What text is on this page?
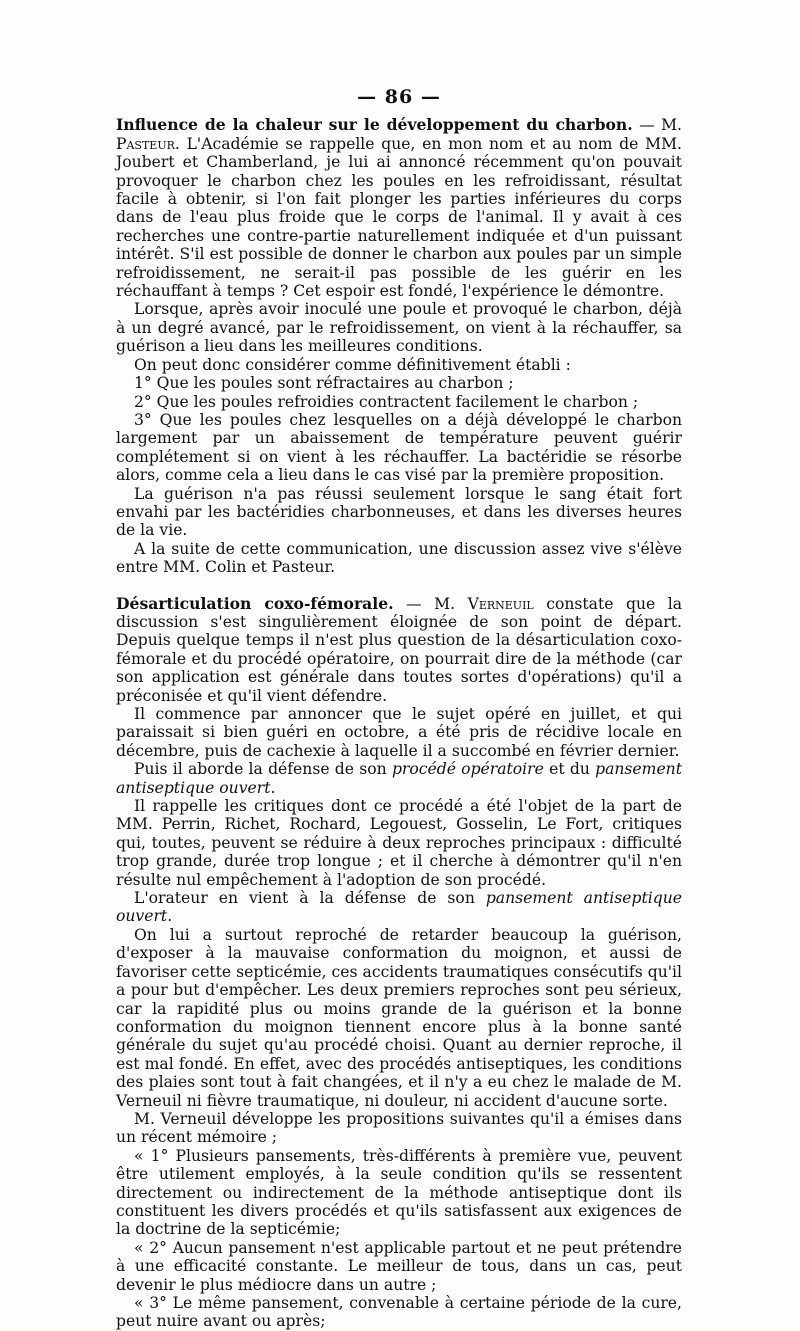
— 86 —

Influence de la chaleur sur le développement du charbon. — M. Pasteur. L'Académie se rappelle que, en mon nom et au nom de MM. Joubert et Chamberland, je lui ai annoncé récemment qu'on pouvait provoquer le charbon chez les poules en les refroidissant, résultat facile à obtenir, si l'on fait plonger les parties inférieures du corps dans de l'eau plus froide que le corps de l'animal. Il y avait à ces recherches une contre-partie naturellement indiquée et d'un puissant intérêt. S'il est possible de donner le charbon aux poules par un simple refroidissement, ne serait-il pas possible de les guérir en les réchauffant à temps ? Cet espoir est fondé, l'expérience le démontre.

Lorsque, après avoir inoculé une poule et provoqué le charbon, déjà à un degré avancé, par le refroidissement, on vient à la réchauffer, sa guérison a lieu dans les meilleures conditions.

On peut donc considérer comme définitivement établi :

1° Que les poules sont réfractaires au charbon ;

2° Que les poules refroidies contractent facilement le charbon ;

3° Que les poules chez lesquelles on a déjà développé le charbon largement par un abaissement de température peuvent guérir complétement si on vient à les réchauffer. La bactéridie se résorbe alors, comme cela a lieu dans le cas visé par la première proposition.

La guérison n'a pas réussi seulement lorsque le sang était fort envahi par les bactéridies charbonneuses, et dans les diverses heures de la vie.

A la suite de cette communication, une discussion assez vive s'élève entre MM. Colin et Pasteur.

Désarticulation coxo-fémorale. — M. Verneuil constate que la discussion s'est singulièrement éloignée de son point de départ. Depuis quelque temps il n'est plus question de la désarticulation coxo-fémorale et du procédé opératoire, on pourrait dire de la méthode (car son application est générale dans toutes sortes d'opérations) qu'il a préconisée et qu'il vient défendre.

Il commence par annoncer que le sujet opéré en juillet, et qui paraissait si bien guéri en octobre, a été pris de récidive locale en décembre, puis de cachexie à laquelle il a succombé en février dernier.

Puis il aborde la défense de son procédé opératoire et du pansement antiseptique ouvert.

Il rappelle les critiques dont ce procédé a été l'objet de la part de MM. Perrin, Richet, Rochard, Legouest, Gosselin, Le Fort, critiques qui, toutes, peuvent se réduire à deux reproches principaux : difficulté trop grande, durée trop longue ; et il cherche à démontrer qu'il n'en résulte nul empêchement à l'adoption de son procédé.

L'orateur en vient à la défense de son pansement antiseptique ouvert.

On lui a surtout reproché de retarder beaucoup la guérison, d'exposer à la mauvaise conformation du moignon, et aussi de favoriser cette septicémie, ces accidents traumatiques consécutifs qu'il a pour but d'empêcher. Les deux premiers reproches sont peu sérieux, car la rapidité plus ou moins grande de la guérison et la bonne conformation du moignon tiennent encore plus à la bonne santé générale du sujet qu'au procédé choisi. Quant au dernier reproche, il est mal fondé. En effet, avec des procédés antiseptiques, les conditions des plaies sont tout à fait changées, et il n'y a eu chez le malade de M. Verneuil ni fièvre traumatique, ni douleur, ni accident d'aucune sorte.

M. Verneuil développe les propositions suivantes qu'il a émises dans un récent mémoire ;

« 1° Plusieurs pansements, très-différents à première vue, peuvent être utilement employés, à la seule condition qu'ils se ressentent directement ou indirectement de la méthode antiseptique dont ils constituent les divers procédés et qu'ils satisfassent aux exigences de la doctrine de la septicémie;

« 2° Aucun pansement n'est applicable partout et ne peut prétendre à une efficacité constante. Le meilleur de tous, dans un cas, peut devenir le plus médiocre dans un autre ;

« 3° Le même pansement, convenable à certaine période de la cure, peut nuire avant ou après;
